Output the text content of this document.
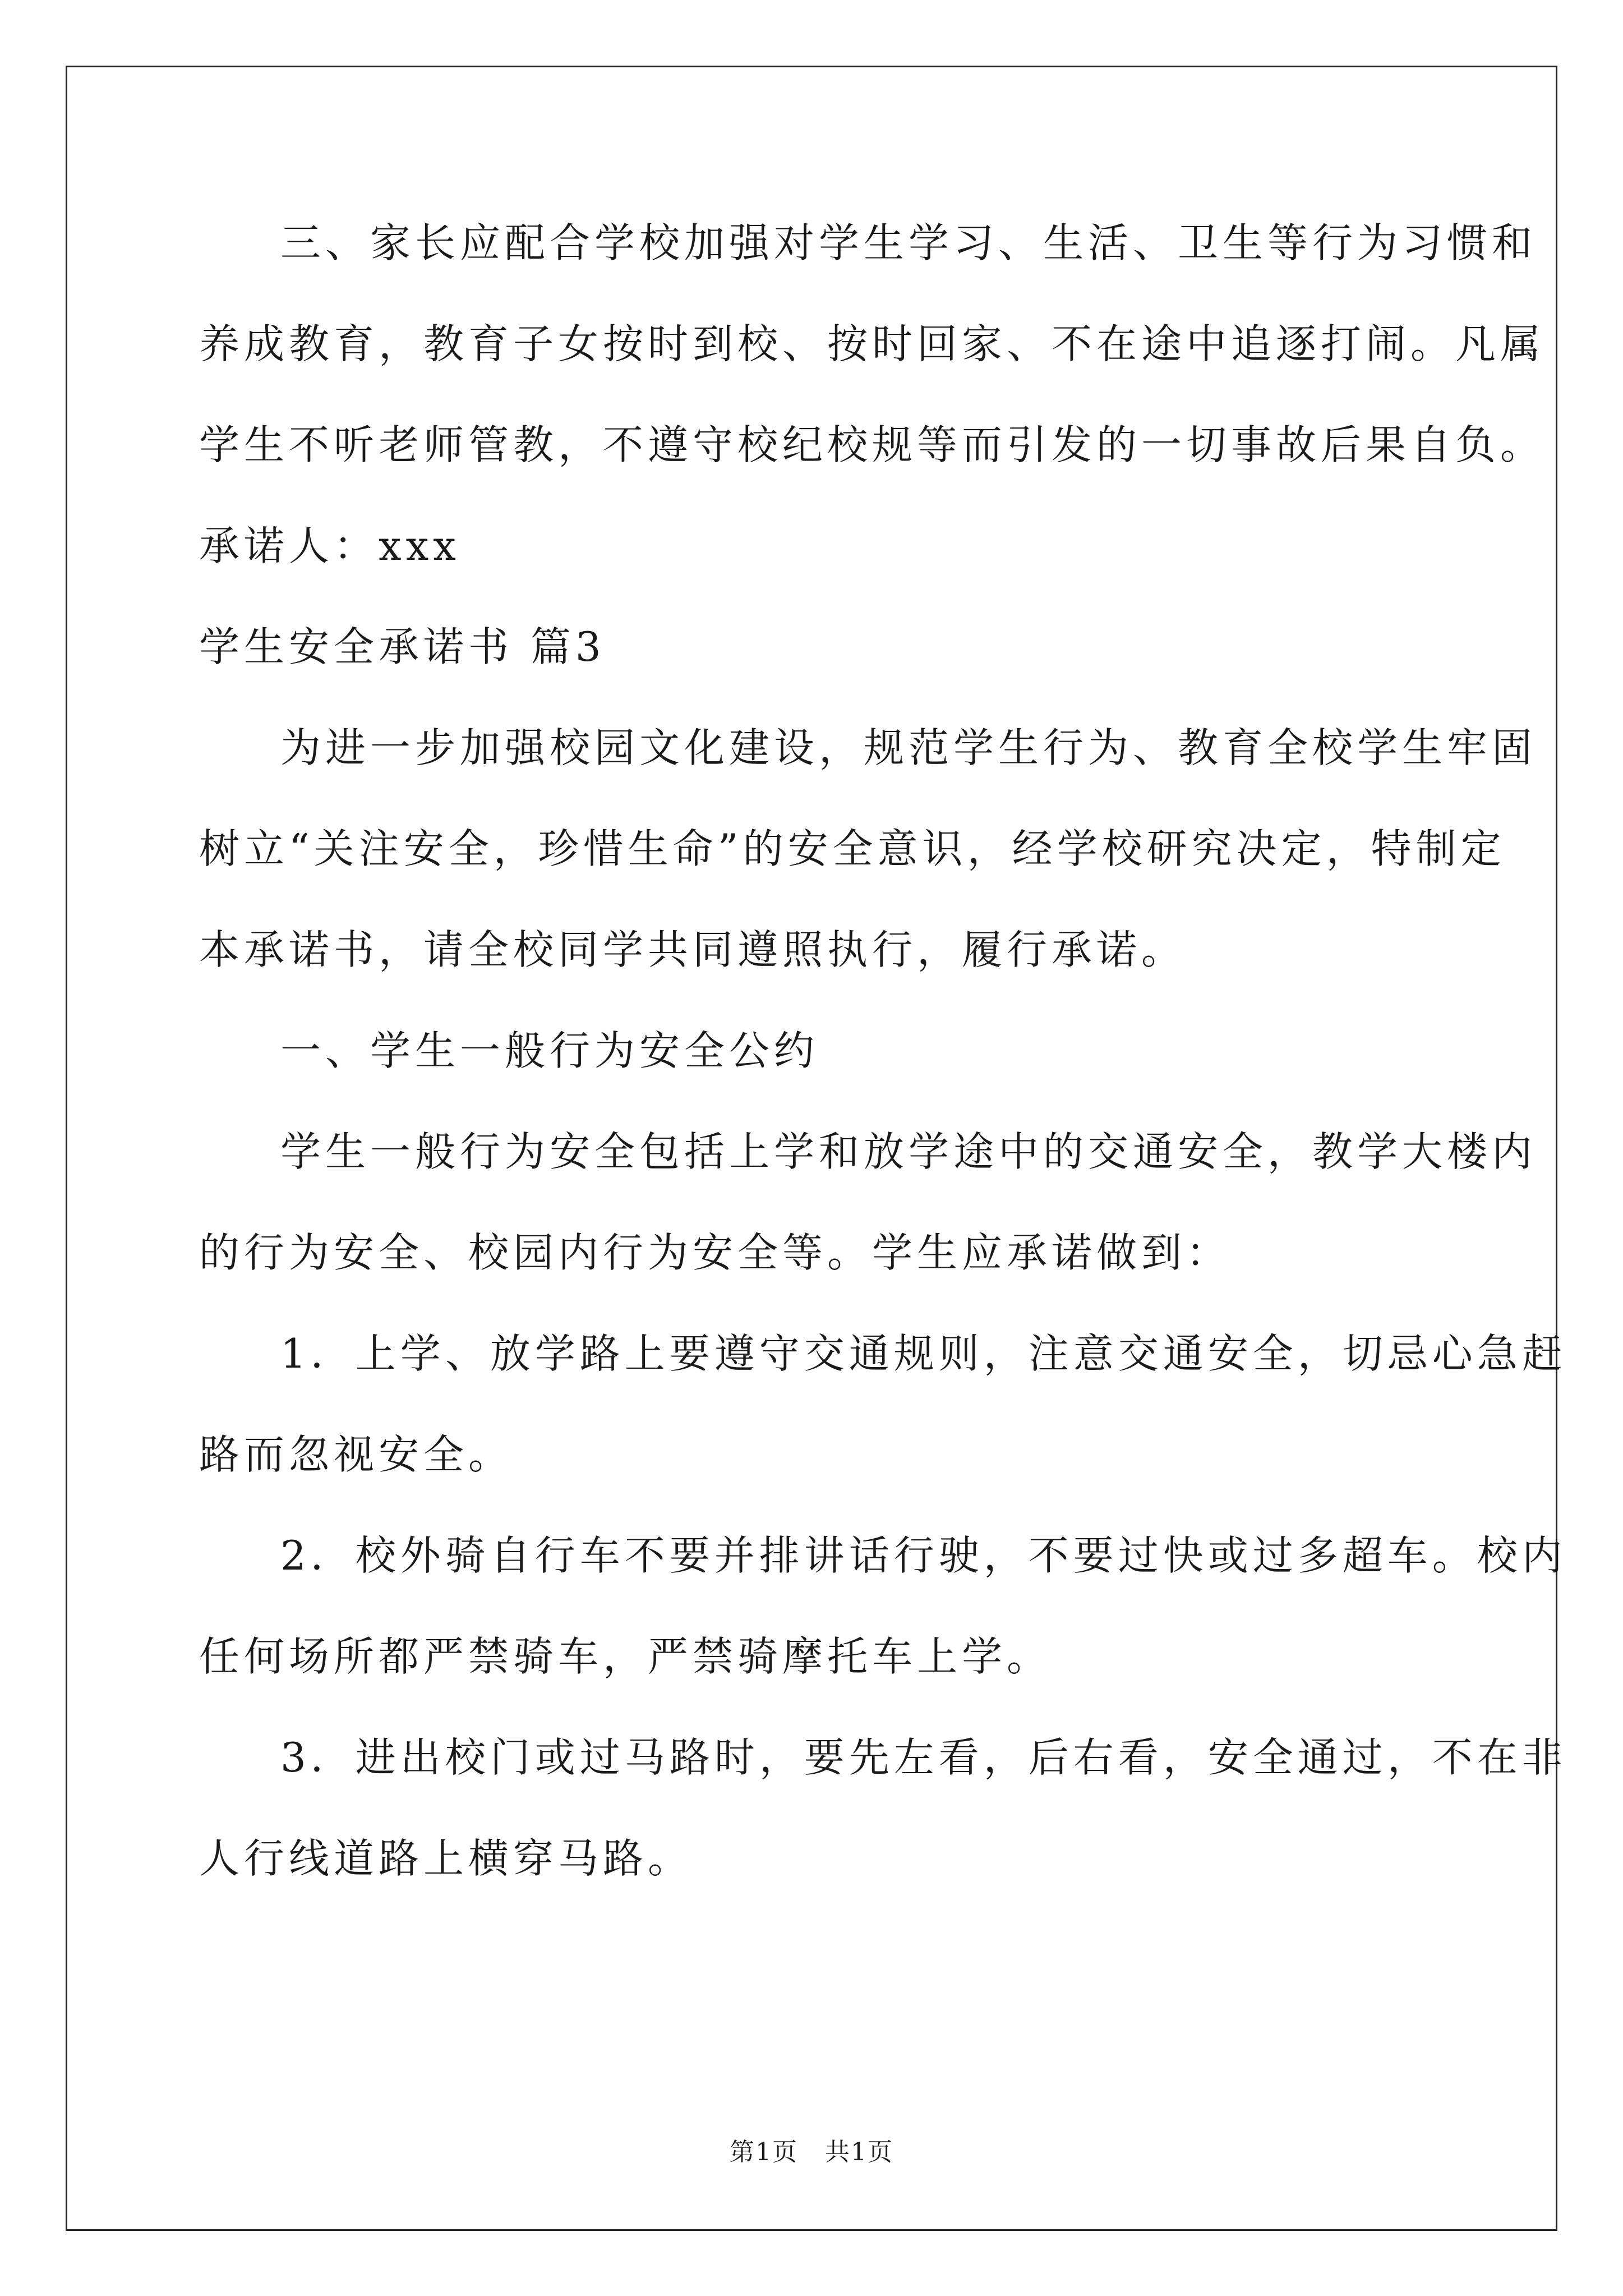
三、家长应配合学校加强对学生学习、生活、卫生等行为习惯和
养成教育，教育子女按时到校、按时回家、不在途中追逐打闹。凡属
学生不听老师管教，不遵守校纪校规等而引发的一切事故后果自负。
承诺人：xxx
学生安全承诺书 篇3
为进一步加强校园文化建设，规范学生行为、教育全校学生牢固
树立“关注安全，珍惜生命”的安全意识，经学校研究决定，特制定
本承诺书，请全校同学共同遵照执行，履行承诺。
一、学生一般行为安全公约
学生一般行为安全包括上学和放学途中的交通安全，教学大楼内
的行为安全、校园内行为安全等。学生应承诺做到：
1．上学、放学路上要遵守交通规则，注意交通安全，切忌心急赶
路而忽视安全。
2．校外骑自行车不要并排讲话行驶，不要过快或过多超车。校内
任何场所都严禁骑车，严禁骑摩托车上学。
3．进出校门或过马路时，要先左看，后右看，安全通过，不在非
人行线道路上横穿马路。
第1页 共1页
